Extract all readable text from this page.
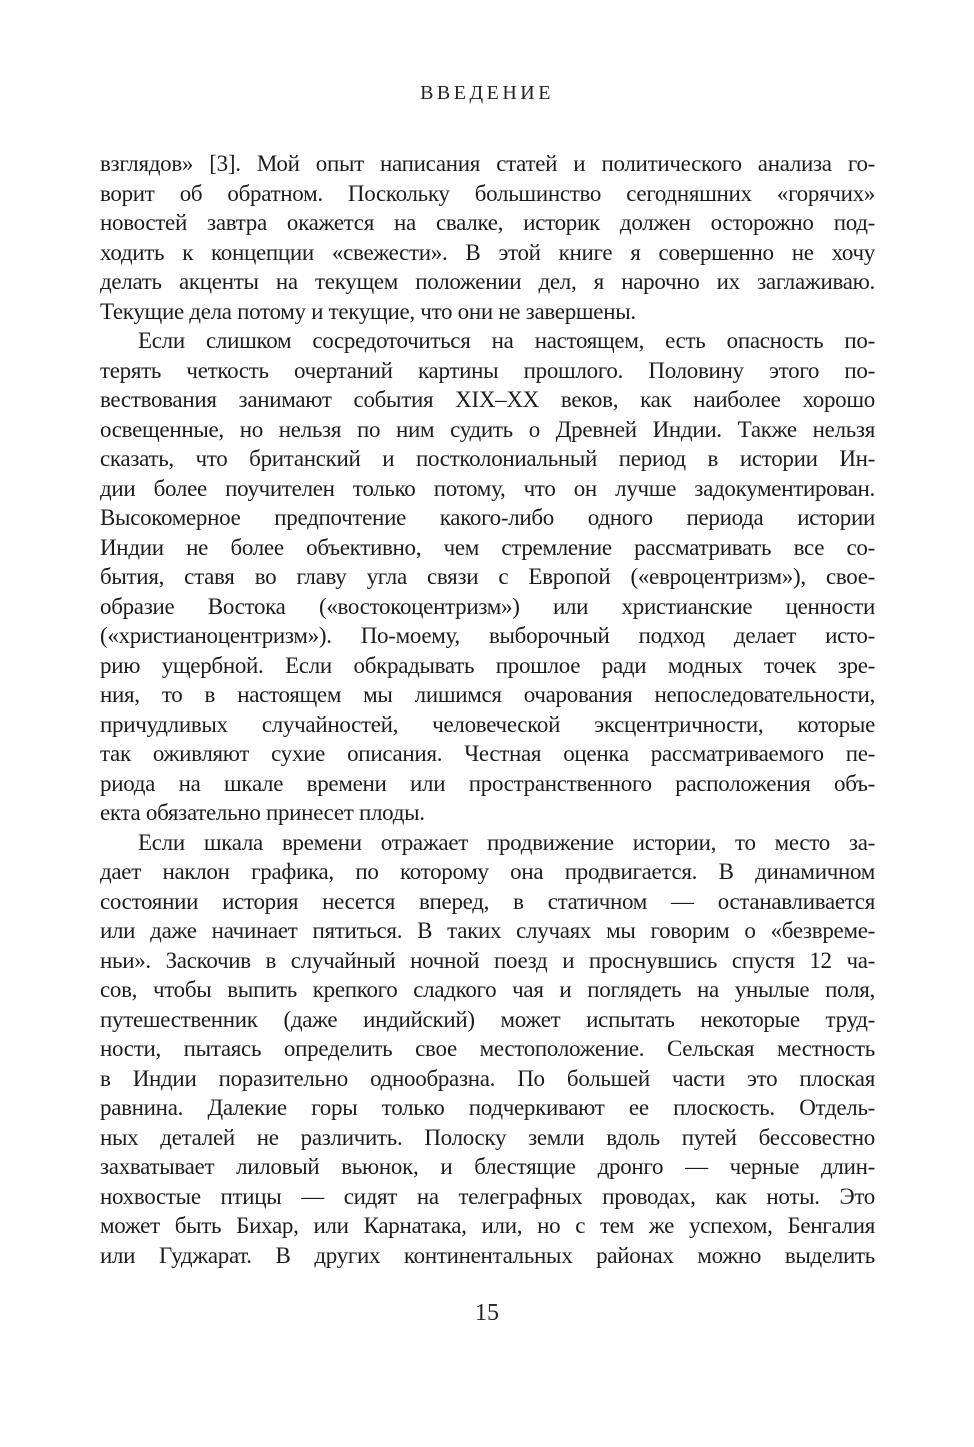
ВВЕДЕНИЕ
взглядов» [3]. Мой опыт написания статей и политического анализа го-
ворит об обратном. Поскольку большинство сегодняшних «горячих»
новостей завтра окажется на свалке, историк должен осторожно под-
ходить к концепции «свежести». В этой книге я совершенно не хочу
делать акценты на текущем положении дел, я нарочно их заглаживаю.
Текущие дела потому и текущие, что они не завершены.
Если слишком сосредоточиться на настоящем, есть опасность по-
терять четкость очертаний картины прошлого. Половину этого по-
вествования занимают события XIX–XX веков, как наиболее хорошо
освещенные, но нельзя по ним судить о Древней Индии. Также нельзя
сказать, что британский и постколониальный период в истории Ин-
дии более поучителен только потому, что он лучше задокументирован.
Высокомерное предпочтение какого-либо одного периода истории
Индии не более объективно, чем стремление рассматривать все со-
бытия, ставя во главу угла связи с Европой («евроцентризм»), свое-
образие Востока («востокоцентризм») или христианские ценности
(«христианоцентризм»). По-моему, выборочный подход делает исто-
рию ущербной. Если обкрадывать прошлое ради модных точек зре-
ния, то в настоящем мы лишимся очарования непоследовательности,
причудливых случайностей, человеческой эксцентричности, которые
так оживляют сухие описания. Честная оценка рассматриваемого пе-
риода на шкале времени или пространственного расположения объ-
екта обязательно принесет плоды.
Если шкала времени отражает продвижение истории, то место за-
дает наклон графика, по которому она продвигается. В динамичном
состоянии история несется вперед, в статичном — останавливается
или даже начинает пятиться. В таких случаях мы говорим о «безвреме-
ньи». Заскочив в случайный ночной поезд и проснувшись спустя 12 ча-
сов, чтобы выпить крепкого сладкого чая и поглядеть на унылые поля,
путешественник (даже индийский) может испытать некоторые труд-
ности, пытаясь определить свое местоположение. Сельская местность
в Индии поразительно однообразна. По большей части это плоская
равнина. Далекие горы только подчеркивают ее плоскость. Отдель-
ных деталей не различить. Полоску земли вдоль путей бессовестно
захватывает лиловый вьюнок, и блестящие дронго — черные длин-
нохвостые птицы — сидят на телеграфных проводах, как ноты. Это
может быть Бихар, или Карнатака, или, но с тем же успехом, Бенгалия
или Гуджарат. В других континентальных районах можно выделить
15
